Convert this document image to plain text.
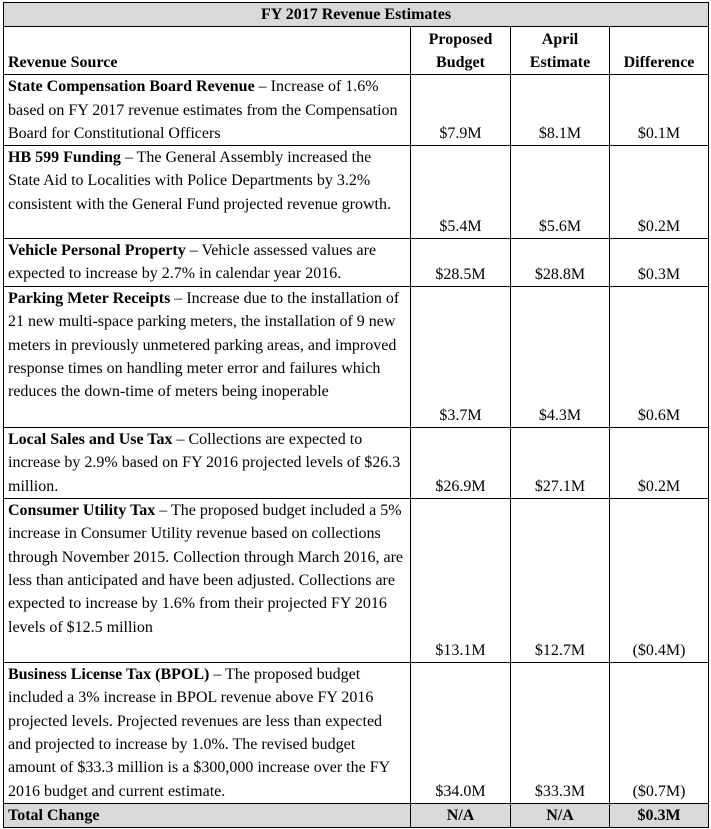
FY 2017 Revenue Estimates			
Revenue Source	Proposed Budget	April Estimate	Difference
State Compensation Board Revenue – Increase of 1.6% based on FY 2017 revenue estimates from the Compensation Board for Constitutional Officers	$7.9M	$8.1M	$0.1M
HB 599 Funding – The General Assembly increased the State Aid to Localities with Police Departments by 3.2% consistent with the General Fund projected revenue growth.	$5.4M	$5.6M	$0.2M
Vehicle Personal Property – Vehicle assessed values are expected to increase by 2.7% in calendar year 2016.	$28.5M	$28.8M	$0.3M
Parking Meter Receipts – Increase due to the installation of 21 new multi-space parking meters, the installation of 9 new meters in previously unmetered parking areas, and improved response times on handling meter error and failures which reduces the down-time of meters being inoperable	$3.7M	$4.3M	$0.6M
Local Sales and Use Tax – Collections are expected to increase by 2.9% based on FY 2016 projected levels of $26.3 million.	$26.9M	$27.1M	$0.2M
Consumer Utility Tax – The proposed budget included a 5% increase in Consumer Utility revenue based on collections through November 2015. Collection through March 2016, are less than anticipated and have been adjusted. Collections are expected to increase by 1.6% from their projected FY 2016 levels of $12.5 million	$13.1M	$12.7M	($0.4M)
Business License Tax (BPOL) – The proposed budget included a 3% increase in BPOL revenue above FY 2016 projected levels. Projected revenues are less than expected and projected to increase by 1.0%. The revised budget amount of $33.3 million is a $300,000 increase over the FY 2016 budget and current estimate.	$34.0M	$33.3M	($0.7M)
Total Change	N/A	N/A	$0.3M
